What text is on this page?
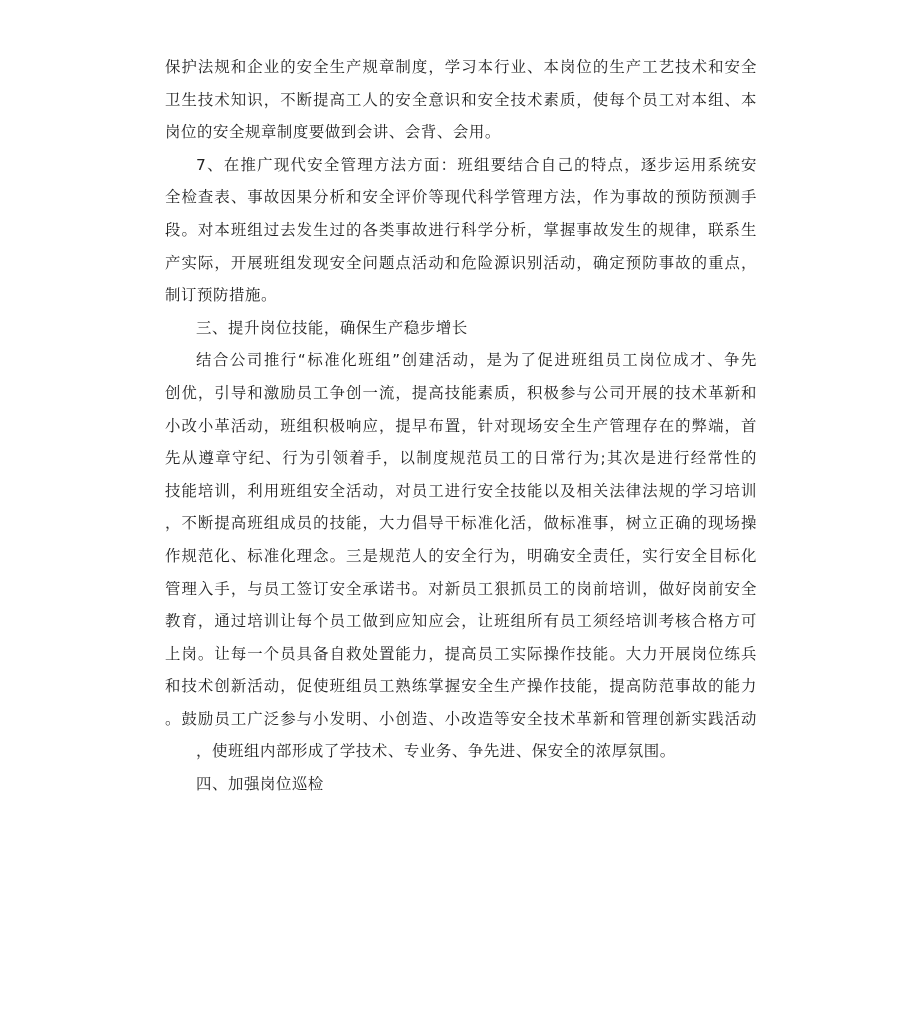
保护法规和企业的安全生产规章制度，学习本行业、本岗位的生产工艺技术和安全
卫生技术知识，不断提高工人的安全意识和安全技术素质，使每个员工对本组、本
岗位的安全规章制度要做到会讲、会背、会用。
7、在推广现代安全管理方法方面：班组要结合自己的特点，逐步运用系统安
全检查表、事故因果分析和安全评价等现代科学管理方法，作为事故的预防预测手
段。对本班组过去发生过的各类事故进行科学分析，掌握事故发生的规律，联系生
产实际，开展班组发现安全问题点活动和危险源识别活动，确定预防事故的重点，
制订预防措施。
三、提升岗位技能，确保生产稳步增长
结合公司推行“标准化班组”创建活动，是为了促进班组员工岗位成才、争先
创优，引导和激励员工争创一流，提高技能素质，积极参与公司开展的技术革新和
小改小革活动，班组积极响应，提早布置，针对现场安全生产管理存在的弊端，首
先从遵章守纪、行为引领着手，以制度规范员工的日常行为;其次是进行经常性的
技能培训，利用班组安全活动，对员工进行安全技能以及相关法律法规的学习培训
，不断提高班组成员的技能，大力倡导干标准化活，做标准事，树立正确的现场操
作规范化、标准化理念。三是规范人的安全行为，明确安全责任，实行安全目标化
管理入手，与员工签订安全承诺书。对新员工狠抓员工的岗前培训，做好岗前安全
教育，通过培训让每个员工做到应知应会，让班组所有员工须经培训考核合格方可
上岗。让每一个员具备自救处置能力，提高员工实际操作技能。大力开展岗位练兵
和技术创新活动，促使班组员工熟练掌握安全生产操作技能，提高防范事故的能力
。鼓励员工广泛参与小发明、小创造、小改造等安全技术革新和管理创新实践活动
，使班组内部形成了学技术、专业务、争先进、保安全的浓厚氛围。
四、加强岗位巡检
